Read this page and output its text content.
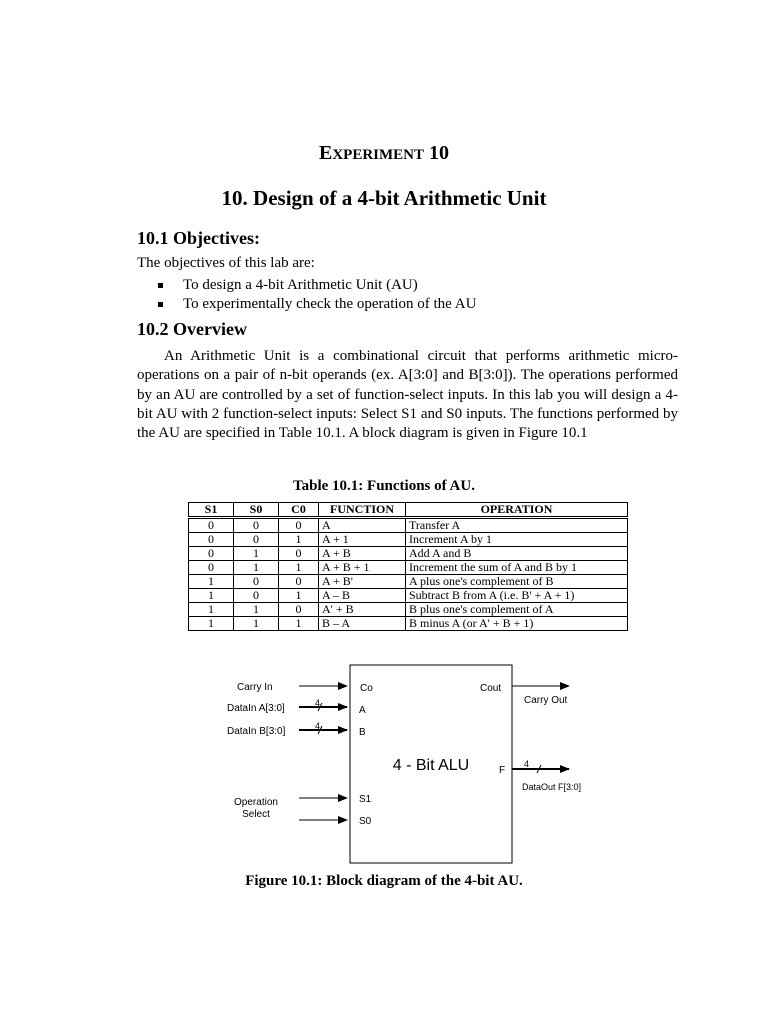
EXPERIMENT 10
10. Design of a 4-bit Arithmetic Unit
10.1 Objectives:
The objectives of this lab are:
To design a 4-bit Arithmetic Unit (AU)
To experimentally check the operation of the AU
10.2 Overview
An Arithmetic Unit is a combinational circuit that performs arithmetic micro-operations on a pair of n-bit operands (ex. A[3:0] and B[3:0]). The operations performed by an AU are controlled by a set of function-select inputs. In this lab you will design a 4-bit AU with 2 function-select inputs: Select S1 and S0 inputs. The functions performed by the AU are specified in Table 10.1. A block diagram is given in Figure 10.1
Table 10.1: Functions of AU.
S1	S0	C0	FUNCTION	OPERATION
0	0	0	A	Transfer A
0	0	1	A + 1	Increment A by 1
0	1	0	A + B	Add A and B
0	1	1	A + B + 1	Increment the sum of A and B by 1
1	0	0	A + B'	A plus one's complement of B
1	0	1	A – B	Subtract B from A (i.e. B' + A + 1)
1	1	0	A' + B	B plus one's complement of A
1	1	1	B – A	B minus A (or A' + B + 1)
Carry In
DataIn A[3:0]
DataIn B[3:0]
Operation
Select
4
4
4
Co
A
B
S1
S0
Cout
F
4 - Bit ALU
Carry Out
DataOut F[3:0]
Figure 10.1: Block diagram of the 4-bit AU.
